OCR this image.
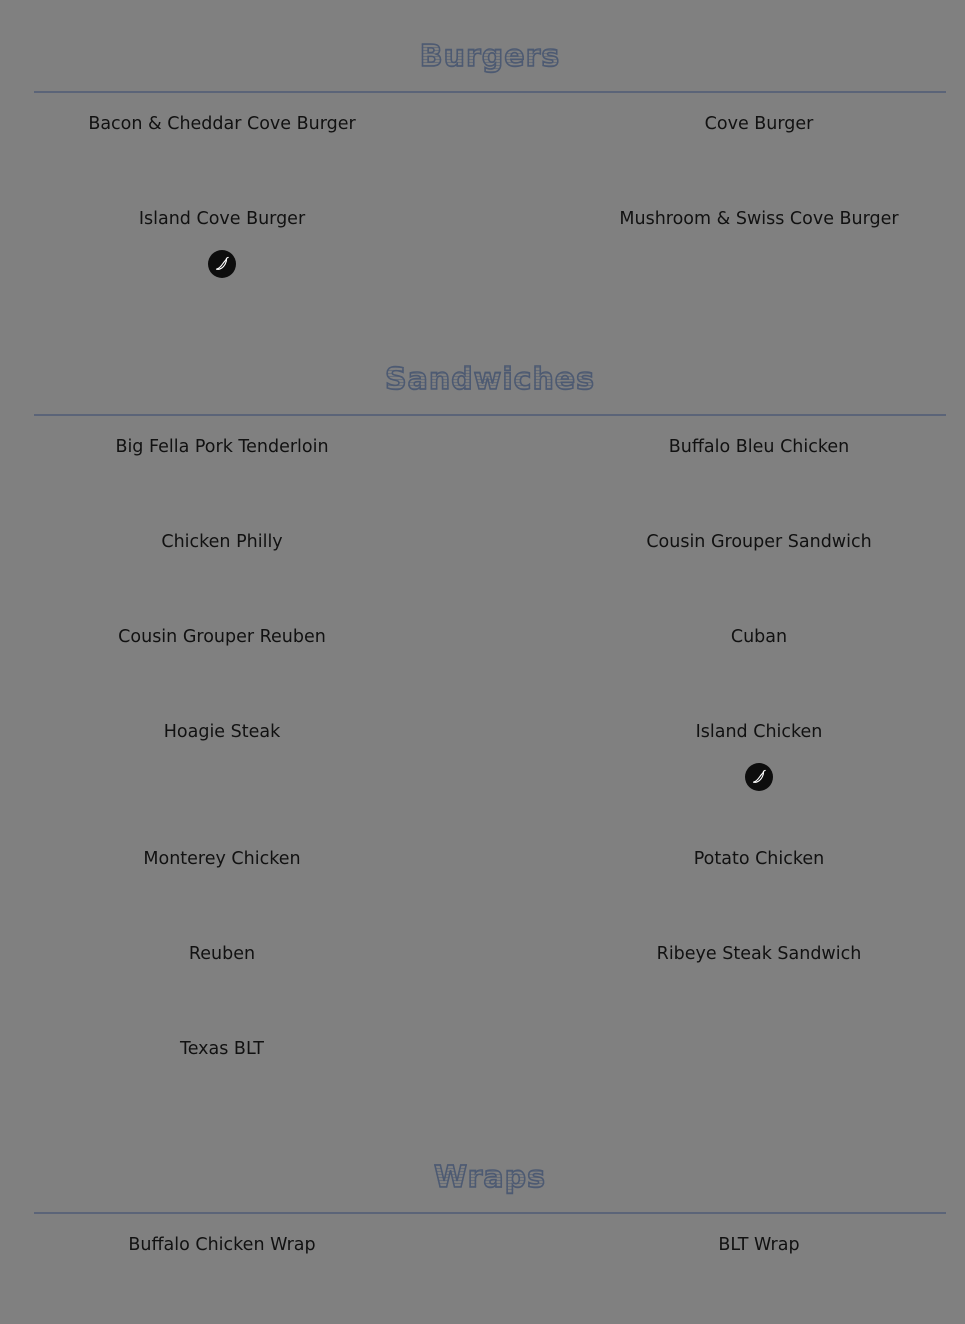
Burgers
Bacon & Cheddar Cove Burger	Cove Burger
Island Cove Burger	Mushroom & Swiss Cove Burger
Sandwiches
Big Fella Pork Tenderloin	Buffalo Bleu Chicken
Chicken Philly	Cousin Grouper Sandwich
Cousin Grouper Reuben	Cuban
Hoagie Steak	Island Chicken
Monterey Chicken	Potato Chicken
Reuben	Ribeye Steak Sandwich
Texas BLT
Wraps
Buffalo Chicken Wrap	BLT Wrap
